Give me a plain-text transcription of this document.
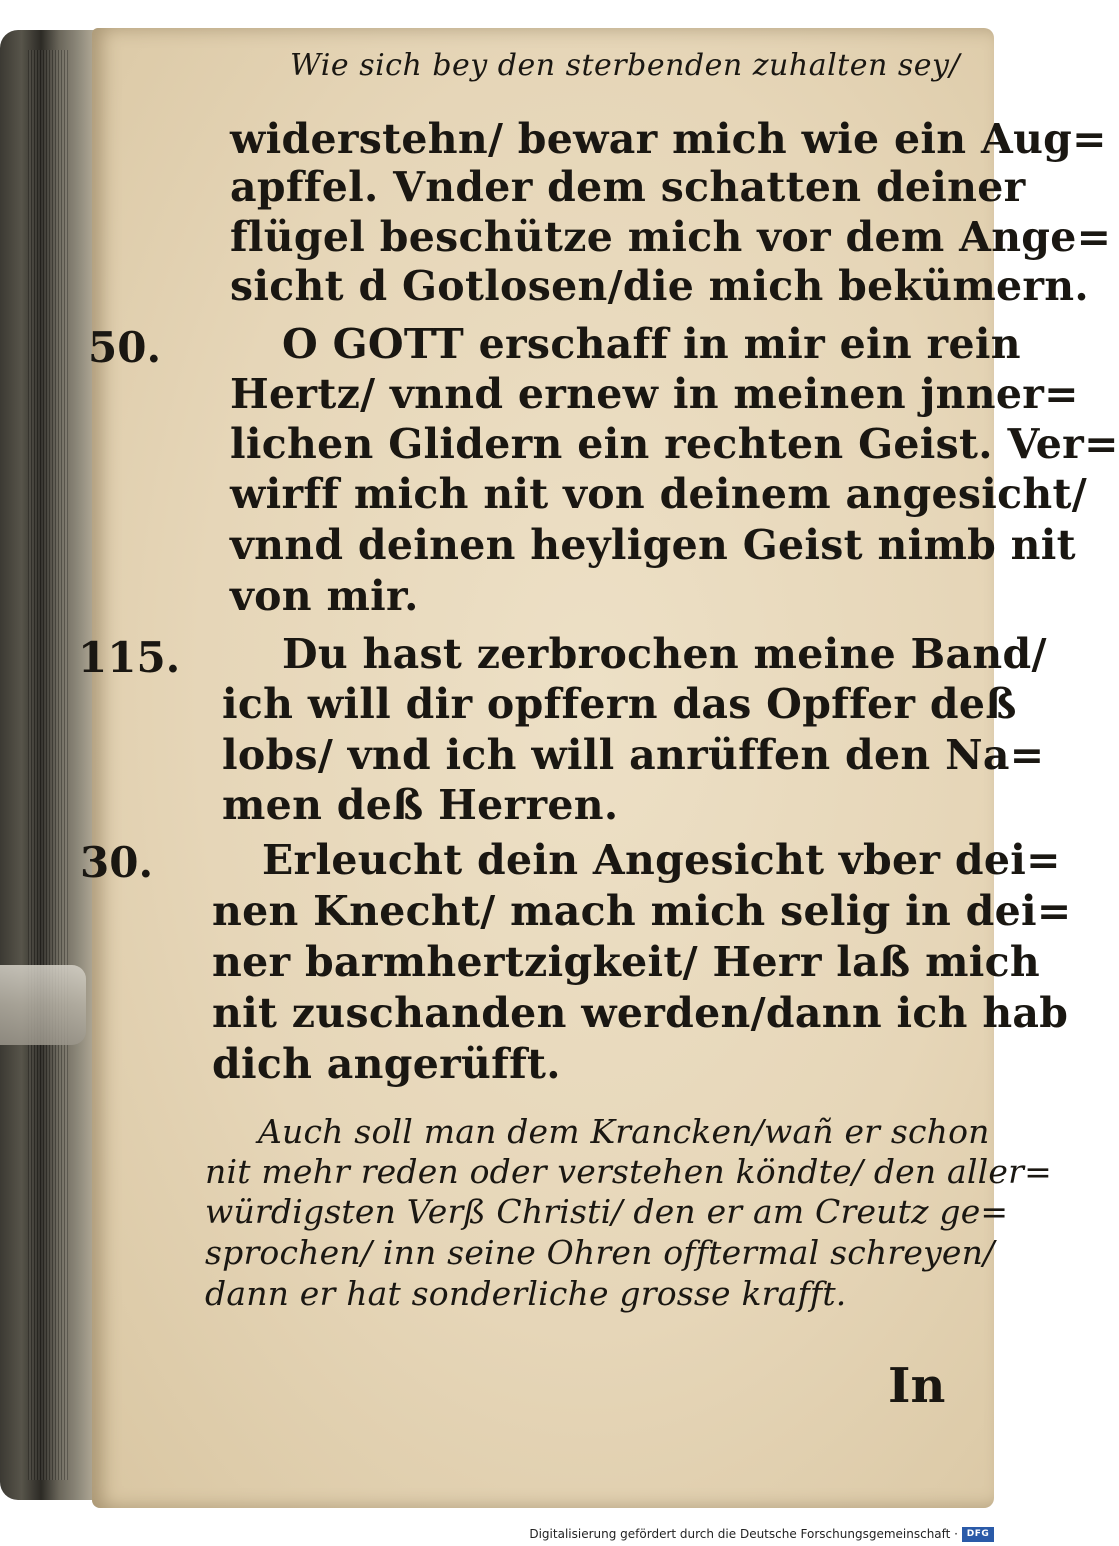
Wie sich bey den sterbenden zuhalten sey/
widerstehn/ bewar mich wie ein Aug=
apffel. Vnder dem schatten deiner
flügel beschütze mich vor dem Ange=
sicht d Gotlosen/die mich bekümern.
50.	O GOTT erschaff in mir ein rein
Hertz/ vnnd ernew in meinen jnner=
lichen Glidern ein rechten Geist. Ver=
wirff mich nit von deinem angesicht/
vnnd deinen heyligen Geist nimb nit
von mir.
115. Du hast zerbrochen meine Band/
ich will dir opffern das Opffer deß
lobs/ vnd ich will anrüffen den Na=
men deß Herren.
30.	Erleucht dein Angesicht vber dei=
nen Knecht/ mach mich selig in dei=
ner barmhertzigkeit/ Herr laß mich
nit zuschanden werden/dann ich hab
dich angerüfft.
Auch soll man dem Krancken/wañ er schon
nit mehr reden oder verstehen köndte/ den aller=
würdigsten Verß Christi/ den er am Creutz ge=
sprochen/ inn seine Ohren offtermal schreyen/
dann er hat sonderliche grosse krafft.
In
Digitalisierung gefördert durch die Deutsche Forschungsgemeinschaft · DFG
